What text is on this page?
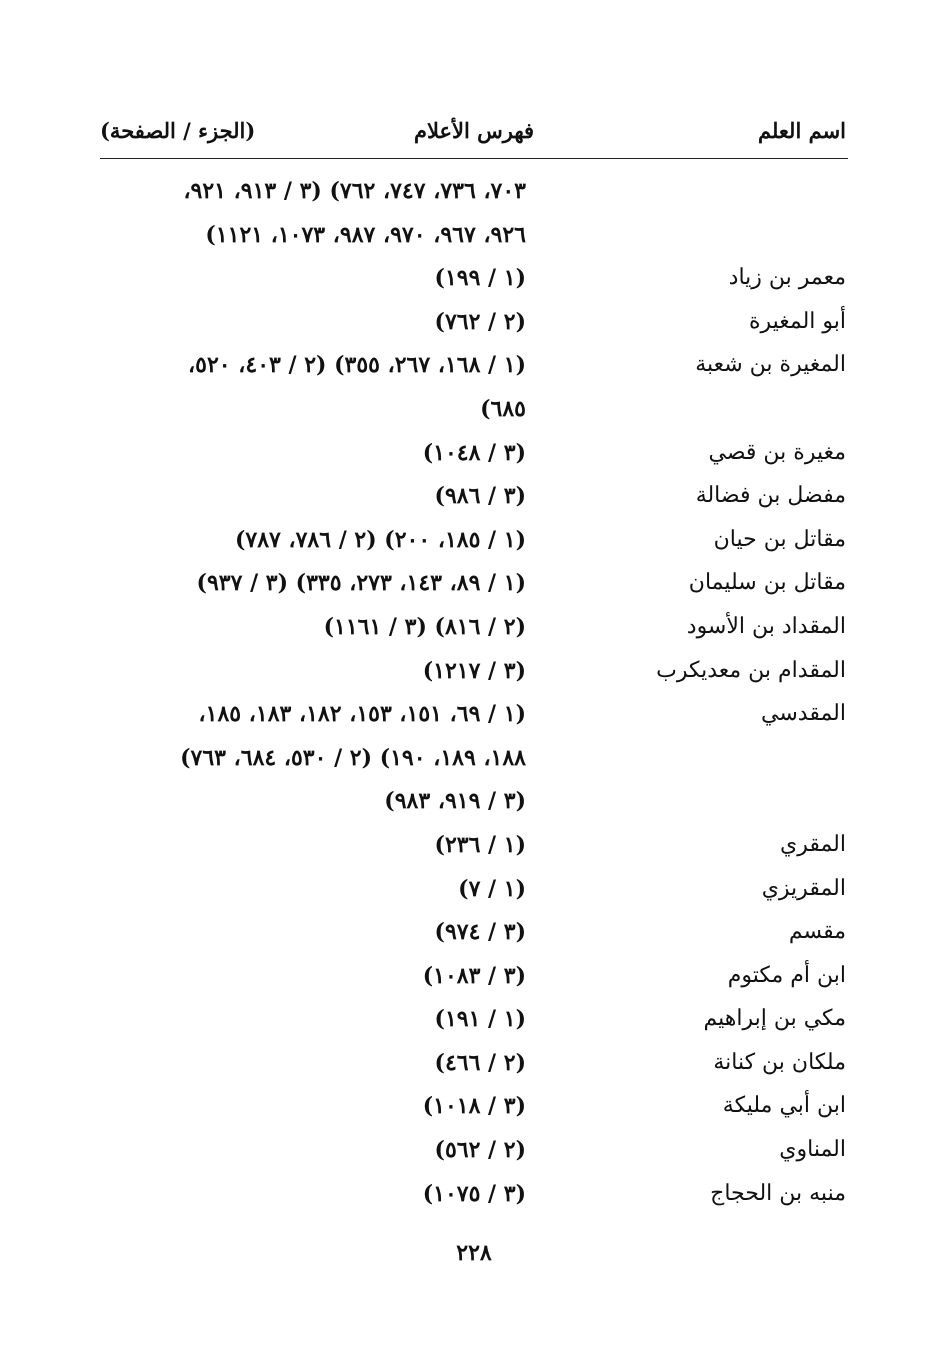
اسم العلم
فهرس الأعلام
(الجزء / الصفحة)
٧٠٣، ٧٣٦، ٧٤٧، ٧٦٢) (٣ / ٩١٣، ٩٢١،
٩٢٦، ٩٦٧، ٩٧٠، ٩٨٧، ١٠٧٣، ١١٢١)
معمر بن زياد
(١ / ١٩٩)
أبو المغيرة
(٢ / ٧٦٢)
المغيرة بن شعبة
(١ / ١٦٨، ٢٦٧، ٣٥٥) (٢ / ٤٠٣، ٥٢٠،
٦٨٥)
مغيرة بن قصي
(٣ / ١٠٤٨)
مفضل بن فضالة
(٣ / ٩٨٦)
مقاتل بن حيان
(١ / ١٨٥، ٢٠٠) (٢ / ٧٨٦، ٧٨٧)
مقاتل بن سليمان
(١ / ٨٩، ١٤٣، ٢٧٣، ٣٣٥) (٣ / ٩٣٧)
المقداد بن الأسود
(٢ / ٨١٦) (٣ / ١١٦١)
المقدام بن معديكرب
(٣ / ١٢١٧)
المقدسي
(١ / ٦٩، ١٥١، ١٥٣، ١٨٢، ١٨٣، ١٨٥،
١٨٨، ١٨٩، ١٩٠) (٢ / ٥٣٠، ٦٨٤، ٧٦٣)
(٣ / ٩١٩، ٩٨٣)
المقري
(١ / ٢٣٦)
المقريزي
(١ / ٧)
مقسم
(٣ / ٩٧٤)
ابن أم مكتوم
(٣ / ١٠٨٣)
مكي بن إبراهيم
(١ / ١٩١)
ملكان بن كنانة
(٢ / ٤٦٦)
ابن أبي مليكة
(٣ / ١٠١٨)
المناوي
(٢ / ٥٦٢)
منبه بن الحجاج
(٣ / ١٠٧٥)
٢٢٨
